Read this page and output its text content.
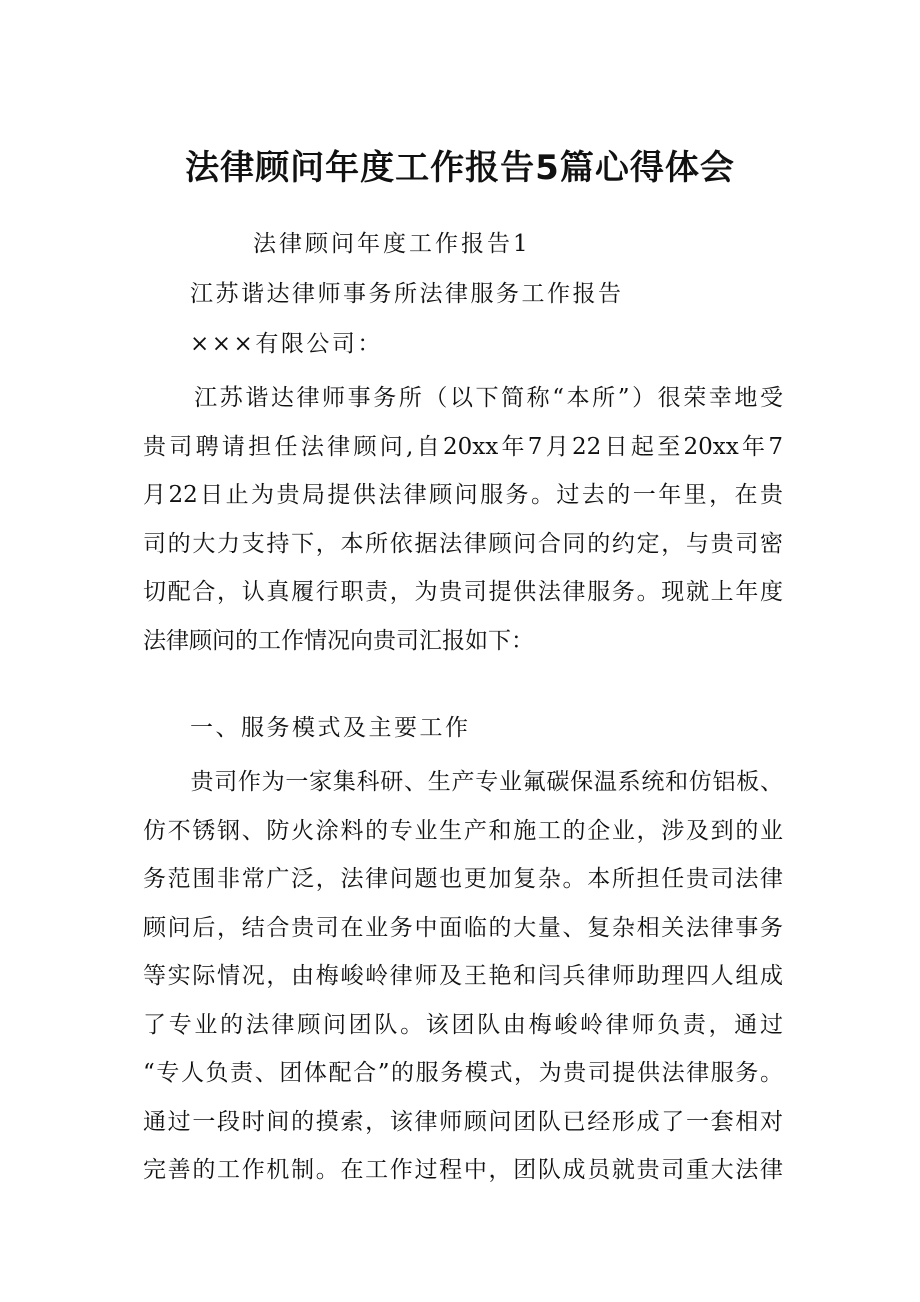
法律顾问年度工作报告5篇心得体会
法律顾问年度工作报告1
江苏谐达律师事务所法律服务工作报告
×××有限公司：
　　江苏谐达律师事务所（以下简称“本所”）很荣幸地受
贵司聘请担任法律顾问,自20xx年7月22日起至20xx年7
月22日止为贵局提供法律顾问服务。过去的一年里，在贵
司的大力支持下，本所依据法律顾问合同的约定，与贵司密
切配合，认真履行职责，为贵司提供法律服务。现就上年度
法律顾问的工作情况向贵司汇报如下：
一、服务模式及主要工作
　　贵司作为一家集科研、生产专业氟碳保温系统和仿铝板、
仿不锈钢、防火涂料的专业生产和施工的企业，涉及到的业
务范围非常广泛，法律问题也更加复杂。本所担任贵司法律
顾问后，结合贵司在业务中面临的大量、复杂相关法律事务
等实际情况，由梅峻岭律师及王艳和闫兵律师助理四人组成
了专业的法律顾问团队。该团队由梅峻岭律师负责，通过
“专人负责、团体配合”的服务模式，为贵司提供法律服务。
通过一段时间的摸索，该律师顾问团队已经形成了一套相对
完善的工作机制。在工作过程中，团队成员就贵司重大法律
